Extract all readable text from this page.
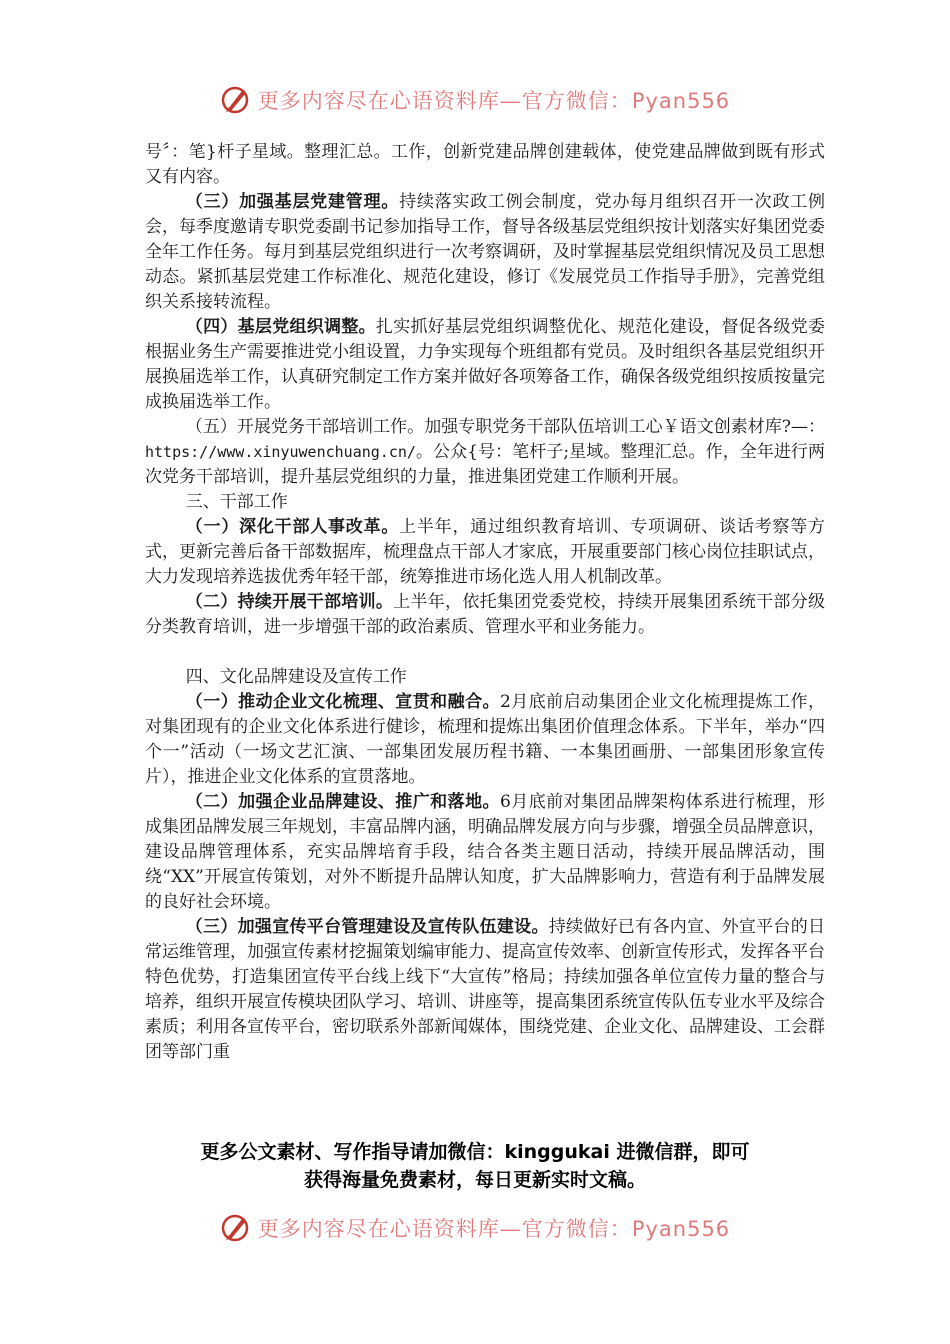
更多内容尽在心语资料库—官方微信：Pyan556

号〞：笔}杆子星域。整理汇总。工作，创新党建品牌创建载体，使党建品牌做到既有形式又有内容。

（三）加强基层党建管理。持续落实政工例会制度，党办每月组织召开一次政工例会，每季度邀请专职党委副书记参加指导工作，督导各级基层党组织按计划落实好集团党委全年工作任务。每月到基层党组织进行一次考察调研，及时掌握基层党组织情况及员工思想动态。紧抓基层党建工作标准化、规范化建设，修订《发展党员工作指导手册》，完善党组织关系接转流程。

（四）基层党组织调整。扎实抓好基层党组织调整优化、规范化建设，督促各级党委根据业务生产需要推进党小组设置，力争实现每个班组都有党员。及时组织各基层党组织开展换届选举工作，认真研究制定工作方案并做好各项筹备工作，确保各级党组织按质按量完成换届选举工作。

（五）开展党务干部培训工作。加强专职党务干部队伍培训工心￥语文创素材库?—：https://www.xinyuwenchuang.cn/。公众{号：笔杆子;星域。整理汇总。作，全年进行两次党务干部培训，提升基层党组织的力量，推进集团党建工作顺利开展。

三、干部工作

（一）深化干部人事改革。上半年，通过组织教育培训、专项调研、谈话考察等方式，更新完善后备干部数据库，梳理盘点干部人才家底，开展重要部门核心岗位挂职试点，大力发现培养选拔优秀年轻干部，统筹推进市场化选人用人机制改革。

（二）持续开展干部培训。上半年，依托集团党委党校，持续开展集团系统干部分级分类教育培训，进一步增强干部的政治素质、管理水平和业务能力。

四、文化品牌建设及宣传工作

（一）推动企业文化梳理、宣贯和融合。2月底前启动集团企业文化梳理提炼工作，对集团现有的企业文化体系进行健诊，梳理和提炼出集团价值理念体系。下半年，举办“四个一”活动（一场文艺汇演、一部集团发展历程书籍、一本集团画册、一部集团形象宣传片），推进企业文化体系的宣贯落地。

（二）加强企业品牌建设、推广和落地。6月底前对集团品牌架构体系进行梳理，形成集团品牌发展三年规划，丰富品牌内涵，明确品牌发展方向与步骤，增强全员品牌意识，建设品牌管理体系，充实品牌培育手段，结合各类主题日活动，持续开展品牌活动，围绕“XX”开展宣传策划，对外不断提升品牌认知度，扩大品牌影响力，营造有利于品牌发展的良好社会环境。

（三）加强宣传平台管理建设及宣传队伍建设。持续做好已有各内宣、外宣平台的日常运维管理，加强宣传素材挖掘策划编审能力、提高宣传效率、创新宣传形式，发挥各平台特色优势，打造集团宣传平台线上线下“大宣传”格局；持续加强各单位宣传力量的整合与培养，组织开展宣传模块团队学习、培训、讲座等，提高集团系统宣传队伍专业水平及综合素质；利用各宣传平台，密切联系外部新闻媒体，围绕党建、企业文化、品牌建设、工会群团等部门重

更多公文素材、写作指导请加微信：kinggukai 进微信群，即可
获得海量免费素材，每日更新实时文稿。
更多内容尽在心语资料库—官方微信：Pyan556
